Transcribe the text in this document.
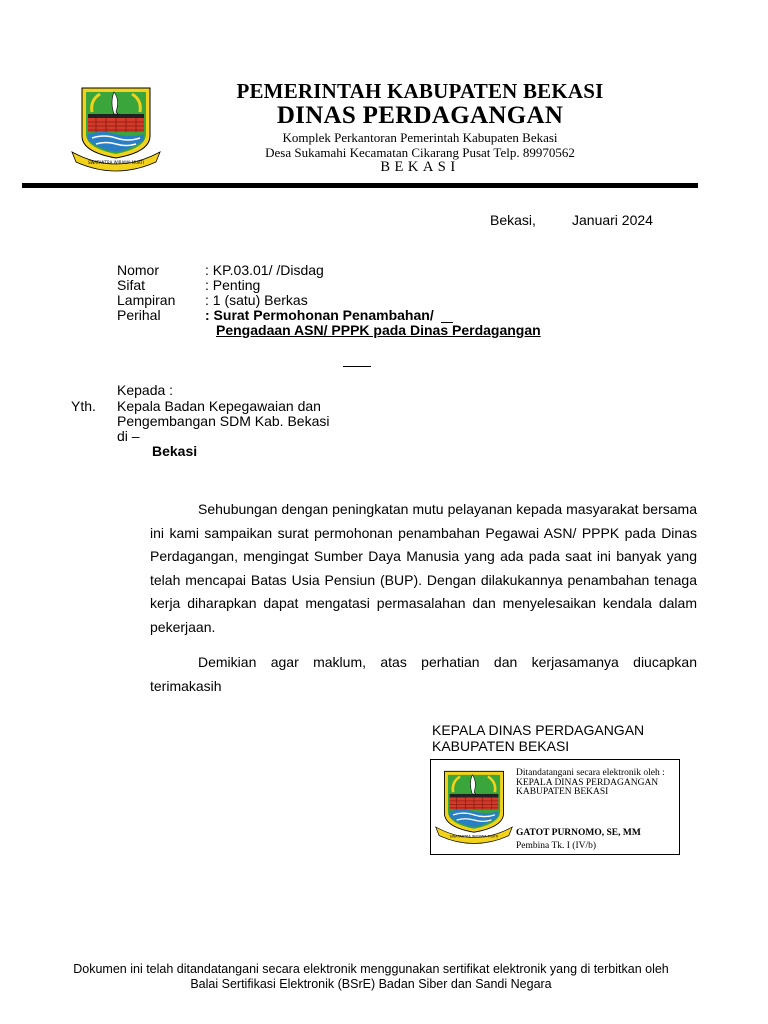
SWATANTRA WIBAWA MUKTI
PEMERINTAH KABUPATEN BEKASI
DINAS PERDAGANGAN
Komplek Perkantoran Pemerintah Kabupaten Bekasi
Desa Sukamahi Kecamatan Cikarang Pusat Telp. 89970562
BEKASI
Bekasi,	Januari 2024
Nomor	: KP.03.01/ /Disdag
Sifat	: Penting
Lampiran : 1 (satu) Berkas
Perihal	: Surat Permohonan Penambahan/
Pengadaan ASN/ PPPK pada Dinas Perdagangan
Kepada :
Yth. Kepala Badan Kepegawaian dan
Pengembangan SDM Kab. Bekasi
di –
Bekasi
Sehubungan dengan peningkatan mutu pelayanan kepada masyarakat bersama ini kami sampaikan surat permohonan penambahan Pegawai ASN/ PPPK pada Dinas Perdagangan, mengingat Sumber Daya Manusia yang ada pada saat ini banyak yang telah mencapai Batas Usia Pensiun (BUP). Dengan dilakukannya penambahan tenaga kerja diharapkan dapat mengatasi permasalahan dan menyelesaikan kendala dalam pekerjaan.
Demikian agar maklum, atas perhatian dan kerjasamanya diucapkan terimakasih
KEPALA DINAS PERDAGANGAN
KABUPATEN BEKASI
SWATANTRA WIBAWA MUKTI
Ditandatangani secara elektronik oleh :
KEPALA DINAS PERDAGANGAN
KABUPATEN BEKASI
GATOT PURNOMO, SE, MM
Pembina Tk. I (IV/b)
Dokumen ini telah ditandatangani secara elektronik menggunakan sertifikat elektronik yang di terbitkan oleh
Balai Sertifikasi Elektronik (BSrE) Badan Siber dan Sandi Negara
